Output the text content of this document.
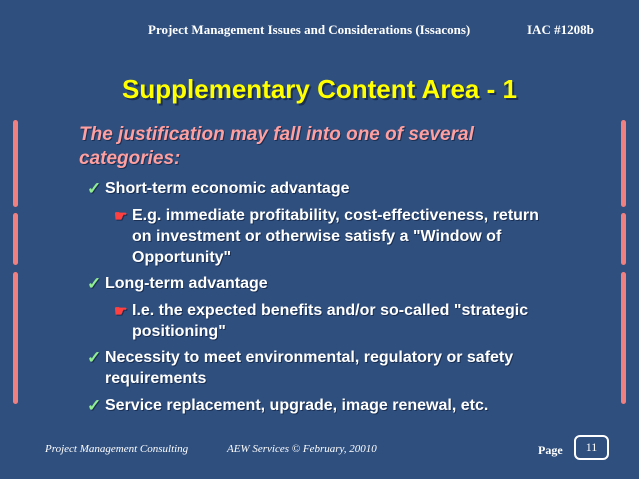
Project Management Issues and Considerations (Issacons)	IAC #1208b
Supplementary Content Area - 1
The justification may fall into one of several categories:
✓ Short-term economic advantage
☛ E.g. immediate profitability, cost-effectiveness, return on investment or otherwise satisfy a "Window of Opportunity"
✓ Long-term advantage
☛ I.e. the expected benefits and/or so-called "strategic positioning"
✓ Necessity to meet environmental, regulatory or safety requirements
✓ Service replacement, upgrade, image renewal, etc.
Project Management Consulting	AEW Services © February, 20010	Page	11
